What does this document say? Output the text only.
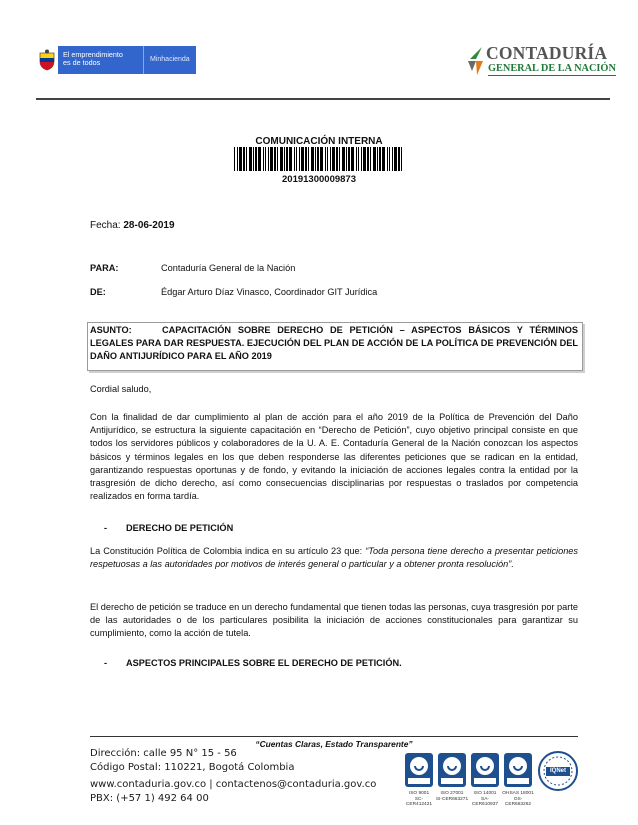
El emprendimiento
es de todos	Minhacienda	CONTADURÍA
GENERAL DE LA NACIÓN
COMUNICACIÓN INTERNA
20191300009873
Fecha: 28-06-2019
PARA:	Contaduría General de la Nación
DE:	Édgar Arturo Díaz Vinasco, Coordinador GIT Jurídica
ASUNTO:	CAPACITACIÓN SOBRE DERECHO DE PETICIÓN – ASPECTOS BÁSICOS Y TÉRMINOS LEGALES PARA DAR RESPUESTA. EJECUCIÓN DEL PLAN DE ACCIÓN DE LA POLÍTICA DE PREVENCIÓN DEL DAÑO ANTIJURÍDICO PARA EL AÑO 2019
Cordial saludo,
Con la finalidad de dar cumplimiento al plan de acción para el año 2019 de la Política de Prevención del Daño Antijurídico, se estructura la siguiente capacitación en “Derecho de Petición”, cuyo objetivo principal consiste en que todos los servidores públicos y colaboradores de la U. A. E. Contaduría General de la Nación conozcan los aspectos básicos y términos legales en los que deben responderse las diferentes peticiones que se radican en la entidad, garantizando respuestas oportunas y de fondo, y evitando la iniciación de acciones legales contra la entidad por la trasgresión de dicho derecho, así como consecuencias disciplinarias por respuestas o traslados por competencia realizados en forma tardía.
- DERECHO DE PETICIÓN
La Constitución Política de Colombia indica en su artículo 23 que: “Toda persona tiene derecho a presentar peticiones respetuosas a las autoridades por motivos de interés general o particular y a obtener pronta resolución”.
El derecho de petición se traduce en un derecho fundamental que tienen todas las personas, cuya trasgresión por parte de las autoridades o de los particulares posibilita la iniciación de acciones constitucionales para garantizar su cumplimiento, como la acción de tutela.
- ASPECTOS PRINCIPALES SOBRE EL DERECHO DE PETICIÓN.
“Cuentas Claras, Estado Transparente”
Dirección: calle 95 N° 15 - 56
Código Postal: 110221, Bogotá Colombia
www.contaduria.gov.co | contactenos@contaduria.gov.co
PBX: (+57 1) 492 64 00	ISO 9001
SC-CER412421
ISO 27001
SI-CER663271
ISO 14001
SA-CER610937
OHSAS 18001
OS-CER663262
IQNet
